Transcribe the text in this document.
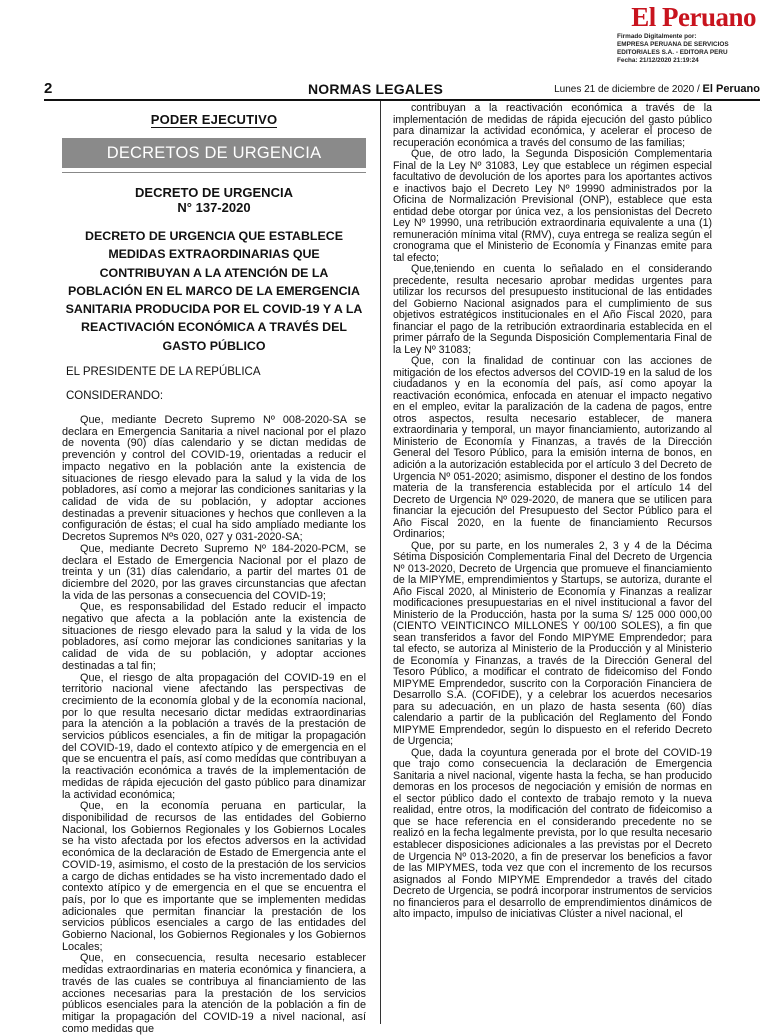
El Peruano
Firmado Digitalmente por:
EMPRESA PERUANA DE SERVICIOS
EDITORIALES S.A. - EDITORA PERU
Fecha: 21/12/2020 21:19:24
2	NORMAS LEGALES	Lunes 21 de diciembre de 2020 / El Peruano
PODER EJECUTIVO
DECRETOS DE URGENCIA
DECRETO DE URGENCIA
N° 137-2020
DECRETO DE URGENCIA QUE ESTABLECE MEDIDAS EXTRAORDINARIAS QUE CONTRIBUYAN A LA ATENCIÓN DE LA POBLACIÓN EN EL MARCO DE LA EMERGENCIA SANITARIA PRODUCIDA POR EL COVID-19 Y A LA REACTIVACIÓN ECONÓMICA A TRAVÉS DEL GASTO PÚBLICO
EL PRESIDENTE DE LA REPÚBLICA
CONSIDERANDO:

Que, mediante Decreto Supremo Nº 008-2020-SA se declara en Emergencia Sanitaria a nivel nacional por el plazo de noventa (90) días calendario y se dictan medidas de prevención y control del COVID-19, orientadas a reducir el impacto negativo en la población ante la existencia de situaciones de riesgo elevado para la salud y la vida de los pobladores, así como a mejorar las condiciones sanitarias y la calidad de vida de su población, y adoptar acciones destinadas a prevenir situaciones y hechos que conlleven a la configuración de éstas; el cual ha sido ampliado mediante los Decretos Supremos Nºs 020, 027 y 031-2020-SA;

Que, mediante Decreto Supremo Nº 184-2020-PCM, se declara el Estado de Emergencia Nacional por el plazo de treinta y un (31) días calendario, a partir del martes 01 de diciembre del 2020, por las graves circunstancias que afectan la vida de las personas a consecuencia del COVID-19;

Que, es responsabilidad del Estado reducir el impacto negativo que afecta a la población ante la existencia de situaciones de riesgo elevado para la salud y la vida de los pobladores, así como mejorar las condiciones sanitarias y la calidad de vida de su población, y adoptar acciones destinadas a tal fin;

Que, el riesgo de alta propagación del COVID-19 en el territorio nacional viene afectando las perspectivas de crecimiento de la economía global y de la economía nacional, por lo que resulta necesario dictar medidas extraordinarias para la atención a la población a través de la prestación de servicios públicos esenciales, a fin de mitigar la propagación del COVID-19, dado el contexto atípico y de emergencia en el que se encuentra el país, así como medidas que contribuyan a la reactivación económica a través de la implementación de medidas de rápida ejecución del gasto público para dinamizar la actividad económica;

Que, en la economía peruana en particular, la disponibilidad de recursos de las entidades del Gobierno Nacional, los Gobiernos Regionales y los Gobiernos Locales se ha visto afectada por los efectos adversos en la actividad económica de la declaración de Estado de Emergencia ante el COVID-19, asimismo, el costo de la prestación de los servicios a cargo de dichas entidades se ha visto incrementado dado el contexto atípico y de emergencia en el que se encuentra el país, por lo que es importante que se implementen medidas adicionales que permitan financiar la prestación de los servicios públicos esenciales a cargo de las entidades del Gobierno Nacional, los Gobiernos Regionales y los Gobiernos Locales;

Que, en consecuencia, resulta necesario establecer medidas extraordinarias en materia económica y financiera, a través de las cuales se contribuya al financiamiento de las acciones necesarias para la prestación de los servicios públicos esenciales para la atención de la población a fin de mitigar la propagación del COVID-19 a nivel nacional, así como medidas que

contribuyan a la reactivación económica a través de la implementación de medidas de rápida ejecución del gasto público para dinamizar la actividad económica, y acelerar el proceso de recuperación económica a través del consumo de las familias;

Que, de otro lado, la Segunda Disposición Complementaria Final de la Ley Nº 31083, Ley que establece un régimen especial facultativo de devolución de los aportes para los aportantes activos e inactivos bajo el Decreto Ley Nº 19990 administrados por la Oficina de Normalización Previsional (ONP), establece que esta entidad debe otorgar por única vez, a los pensionistas del Decreto Ley Nº 19990, una retribución extraordinaria equivalente a una (1) remuneración mínima vital (RMV), cuya entrega se realiza según el cronograma que el Ministerio de Economía y Finanzas emite para tal efecto;

Que,teniendo en cuenta lo señalado en el considerando precedente, resulta necesario aprobar medidas urgentes para utilizar los recursos del presupuesto institucional de las entidades del Gobierno Nacional asignados para el cumplimiento de sus objetivos estratégicos institucionales en el Año Fiscal 2020, para financiar el pago de la retribución extraordinaria establecida en el primer párrafo de la Segunda Disposición Complementaria Final de la Ley Nº 31083;

Que, con la finalidad de continuar con las acciones de mitigación de los efectos adversos del COVID-19 en la salud de los ciudadanos y en la economía del país, así como apoyar la reactivación económica, enfocada en atenuar el impacto negativo en el empleo, evitar la paralización de la cadena de pagos, entre otros aspectos, resulta necesario establecer, de manera extraordinaria y temporal, un mayor financiamiento, autorizando al Ministerio de Economía y Finanzas, a través de la Dirección General del Tesoro Público, para la emisión interna de bonos, en adición a la autorización establecida por el artículo 3 del Decreto de Urgencia Nº 051-2020; asimismo, disponer el destino de los fondos materia de la transferencia establecida por el artículo 14 del Decreto de Urgencia Nº 029-2020, de manera que se utilicen para financiar la ejecución del Presupuesto del Sector Público para el Año Fiscal 2020, en la fuente de financiamiento Recursos Ordinarios;

Que, por su parte, en los numerales 2, 3 y 4 de la Décima Sétima Disposición Complementaria Final del Decreto de Urgencia Nº 013-2020, Decreto de Urgencia que promueve el financiamiento de la MIPYME, emprendimientos y Startups, se autoriza, durante el Año Fiscal 2020, al Ministerio de Economía y Finanzas a realizar modificaciones presupuestarias en el nivel institucional a favor del Ministerio de la Producción, hasta por la suma S/ 125 000 000,00 (CIENTO VEINTICINCO MILLONES Y 00/100 SOLES), a fin que sean transferidos a favor del Fondo MIPYME Emprendedor; para tal efecto, se autoriza al Ministerio de la Producción y al Ministerio de Economía y Finanzas, a través de la Dirección General del Tesoro Público, a modificar el contrato de fideicomiso del Fondo MIPYME Emprendedor, suscrito con la Corporación Financiera de Desarrollo S.A. (COFIDE), y a celebrar los acuerdos necesarios para su adecuación, en un plazo de hasta sesenta (60) días calendario a partir de la publicación del Reglamento del Fondo MIPYME Emprendedor, según lo dispuesto en el referido Decreto de Urgencia;

Que, dada la coyuntura generada por el brote del COVID-19 que trajo como consecuencia la declaración de Emergencia Sanitaria a nivel nacional, vigente hasta la fecha, se han producido demoras en los procesos de negociación y emisión de normas en el sector público dado el contexto de trabajo remoto y la nueva realidad, entre otros, la modificación del contrato de fideicomiso a que se hace referencia en el considerando precedente no se realizó en la fecha legalmente prevista, por lo que resulta necesario establecer disposiciones adicionales a las previstas por el Decreto de Urgencia Nº 013-2020, a fin de preservar los beneficios a favor de las MIPYMES, toda vez que con el incremento de los recursos asignados al Fondo MIPYME Emprendedor a través del citado Decreto de Urgencia, se podrá incorporar instrumentos de servicios no financieros para el desarrollo de emprendimientos dinámicos de alto impacto, impulso de iniciativas Clúster a nivel nacional, el
